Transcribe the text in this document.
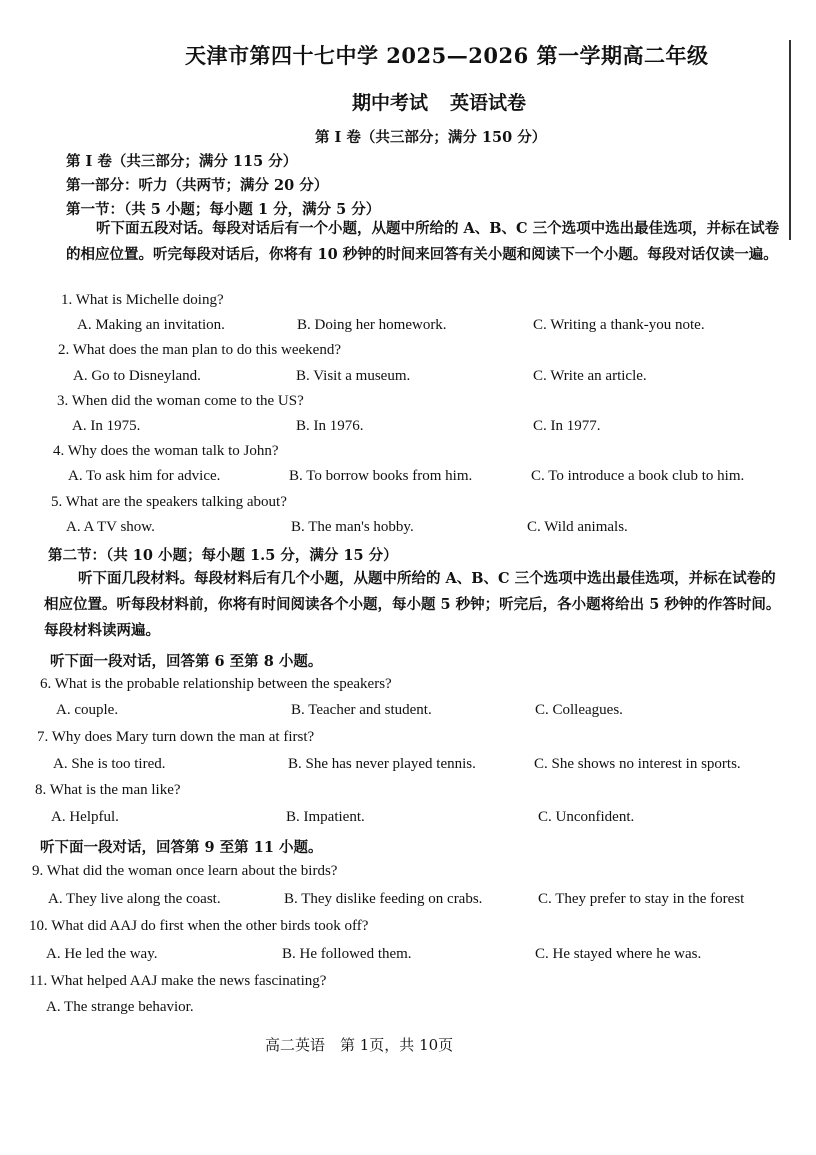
天津市第四十七中学 2025—2026 第一学期高二年级
期中考试 英语试卷
第 I 卷（共三部分；满分 150 分）
第 I 卷（共三部分；满分 115 分）
第一部分：听力（共两节；满分 20 分）
第一节：（共 5 小题；每小题 1 分，满分 5 分）
听下面五段对话。每段对话后有一个小题，从题中所给的 A、B、C 三个选项中选出最佳选项，并标在试卷的相应位置。听完每段对话后，你将有 10 秒钟的时间来回答有关小题和阅读下一个小题。每段对话仅读一遍。
1. What is Michelle doing?
A. Making an invitation.	B. Doing her homework.	C. Writing a thank-you note.
2. What does the man plan to do this weekend?
A. Go to Disneyland.	B. Visit a museum.	C. Write an article.
3. When did the woman come to the US?
A. In 1975.	B. In 1976.	C. In 1977.
4. Why does the woman talk to John?
A. To ask him for advice.	B. To borrow books from him.	C. To introduce a book club to him.
5. What are the speakers talking about?
A. A TV show.	B. The man's hobby.	C. Wild animals.
第二节：（共 10 小题；每小题 1.5 分，满分 15 分）
听下面几段材料。每段材料后有几个小题，从题中所给的 A、B、C 三个选项中选出最佳选项，并标在试卷的相应位置。听每段材料前，你将有时间阅读各个小题，每小题 5 秒钟；听完后，各小题将给出 5 秒钟的作答时间。每段材料读两遍。
听下面一段对话，回答第 6 至第 8 小题。
6. What is the probable relationship between the speakers?
A. couple.	B. Teacher and student.	C. Colleagues.
7. Why does Mary turn down the man at first?
A. She is too tired.	B. She has never played tennis.	C. She shows no interest in sports.
8. What is the man like?
A. Helpful.	B. Impatient.	C. Unconfident.
听下面一段对话，回答第 9 至第 11 小题。
9. What did the woman once learn about the birds?
A. They live along the coast.	B. They dislike feeding on crabs.	C. They prefer to stay in the forest
10. What did AAJ do first when the other birds took off?
A. He led the way.	B. He followed them.	C. He stayed where he was.
11. What helped AAJ make the news fascinating?
A. The strange behavior.
高二英语　第 1页，共 10页
